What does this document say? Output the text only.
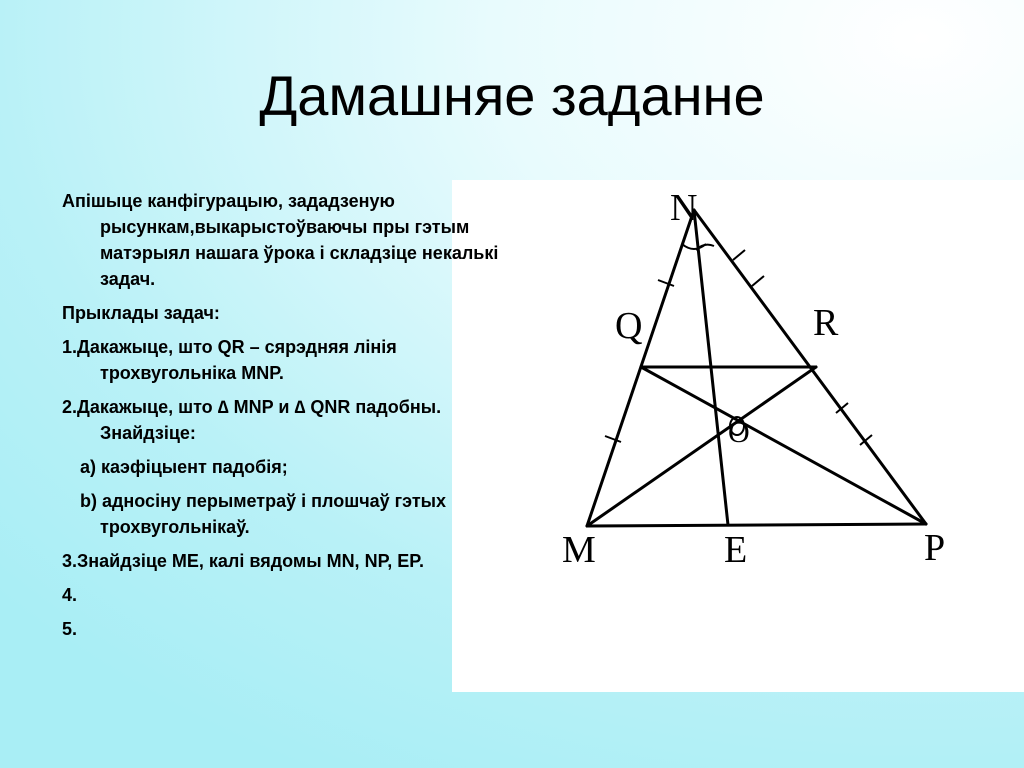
Дамашняе заданне
N
Q	R
O
M	E	P

Апішыце канфігурацыю, зададзеную рысункам,выкарыстоўваючы пры гэтым матэрыял нашага ўрока і складзіце некалькі задач.

Прыклады задач:

1.Дакажыце, што QR – сярэдняя лінія трохвугольніка MNP.

2.Дакажыце, што ∆ MNP и ∆ QNR падобны. Знайдзіце:

a) каэфіцыент падобія;

b) адносіну перыметраў і плошчаў гэтых трохвугольнікаў.

3.Знайдзіце ME, калі вядомы MN, NP, EP.

4.

5.
